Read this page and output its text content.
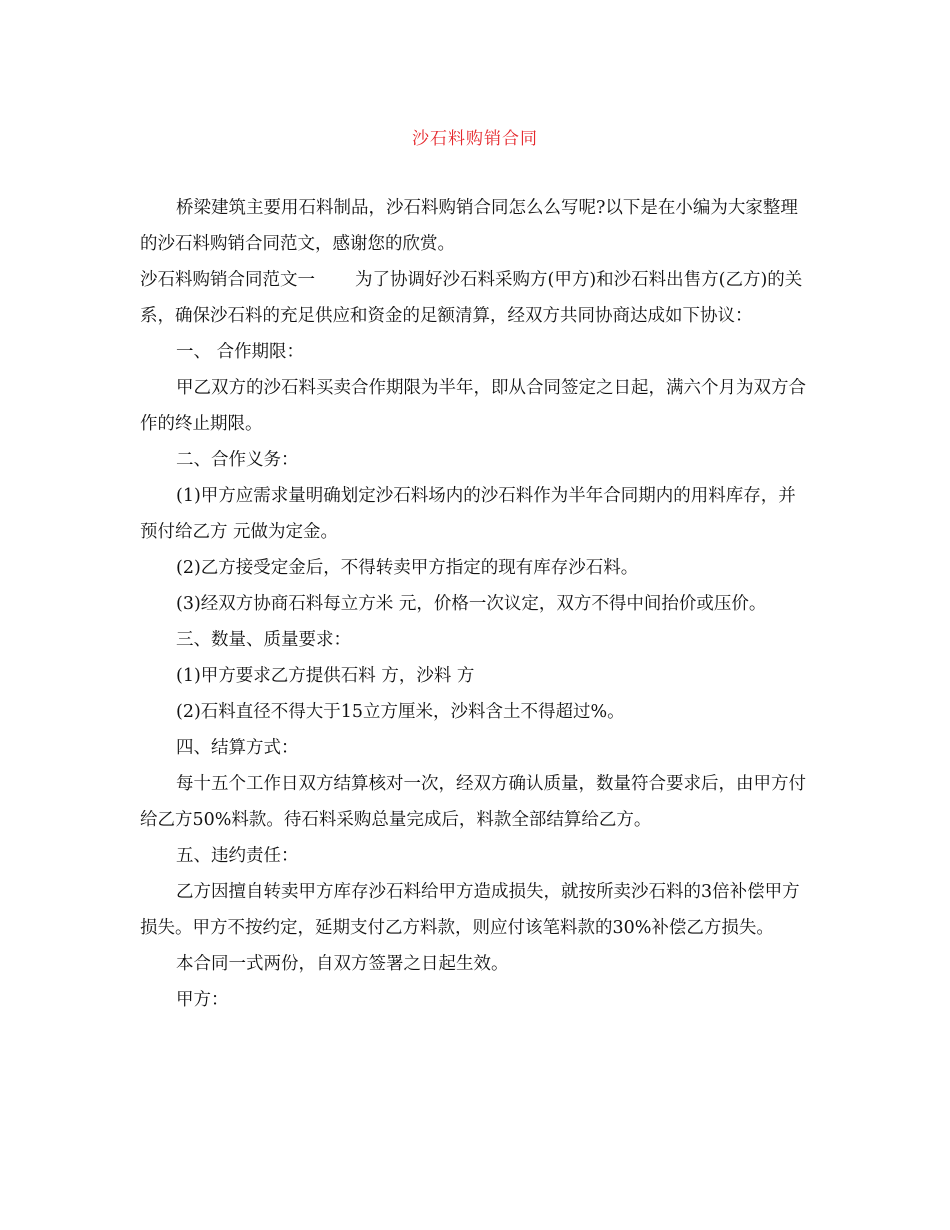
沙石料购销合同

桥梁建筑主要用石料制品，沙石料购销合同怎么么写呢?以下是在小编为大家整理的沙石料购销合同范文，感谢您的欣赏。

沙石料购销合同范文一 为了协调好沙石料采购方(甲方)和沙石料出售方(乙方)的关系，确保沙石料的充足供应和资金的足额清算，经双方共同协商达成如下协议：

一、 合作期限：

甲乙双方的沙石料买卖合作期限为半年，即从合同签定之日起，满六个月为双方合作的终止期限。

二、合作义务：

(1)甲方应需求量明确划定沙石料场内的沙石料作为半年合同期内的用料库存，并预付给乙方 元做为定金。

(2)乙方接受定金后，不得转卖甲方指定的现有库存沙石料。

(3)经双方协商石料每立方米 元，价格一次议定，双方不得中间抬价或压价。

三、数量、质量要求：

(1)甲方要求乙方提供石料 方，沙料 方

(2)石料直径不得大于15立方厘米，沙料含土不得超过%。

四、结算方式：

每十五个工作日双方结算核对一次，经双方确认质量，数量符合要求后，由甲方付给乙方50%料款。待石料采购总量完成后，料款全部结算给乙方。

五、违约责任：

乙方因擅自转卖甲方库存沙石料给甲方造成损失，就按所卖沙石料的3倍补偿甲方损失。甲方不按约定，延期支付乙方料款，则应付该笔料款的30%补偿乙方损失。

本合同一式两份，自双方签署之日起生效。

甲方：
